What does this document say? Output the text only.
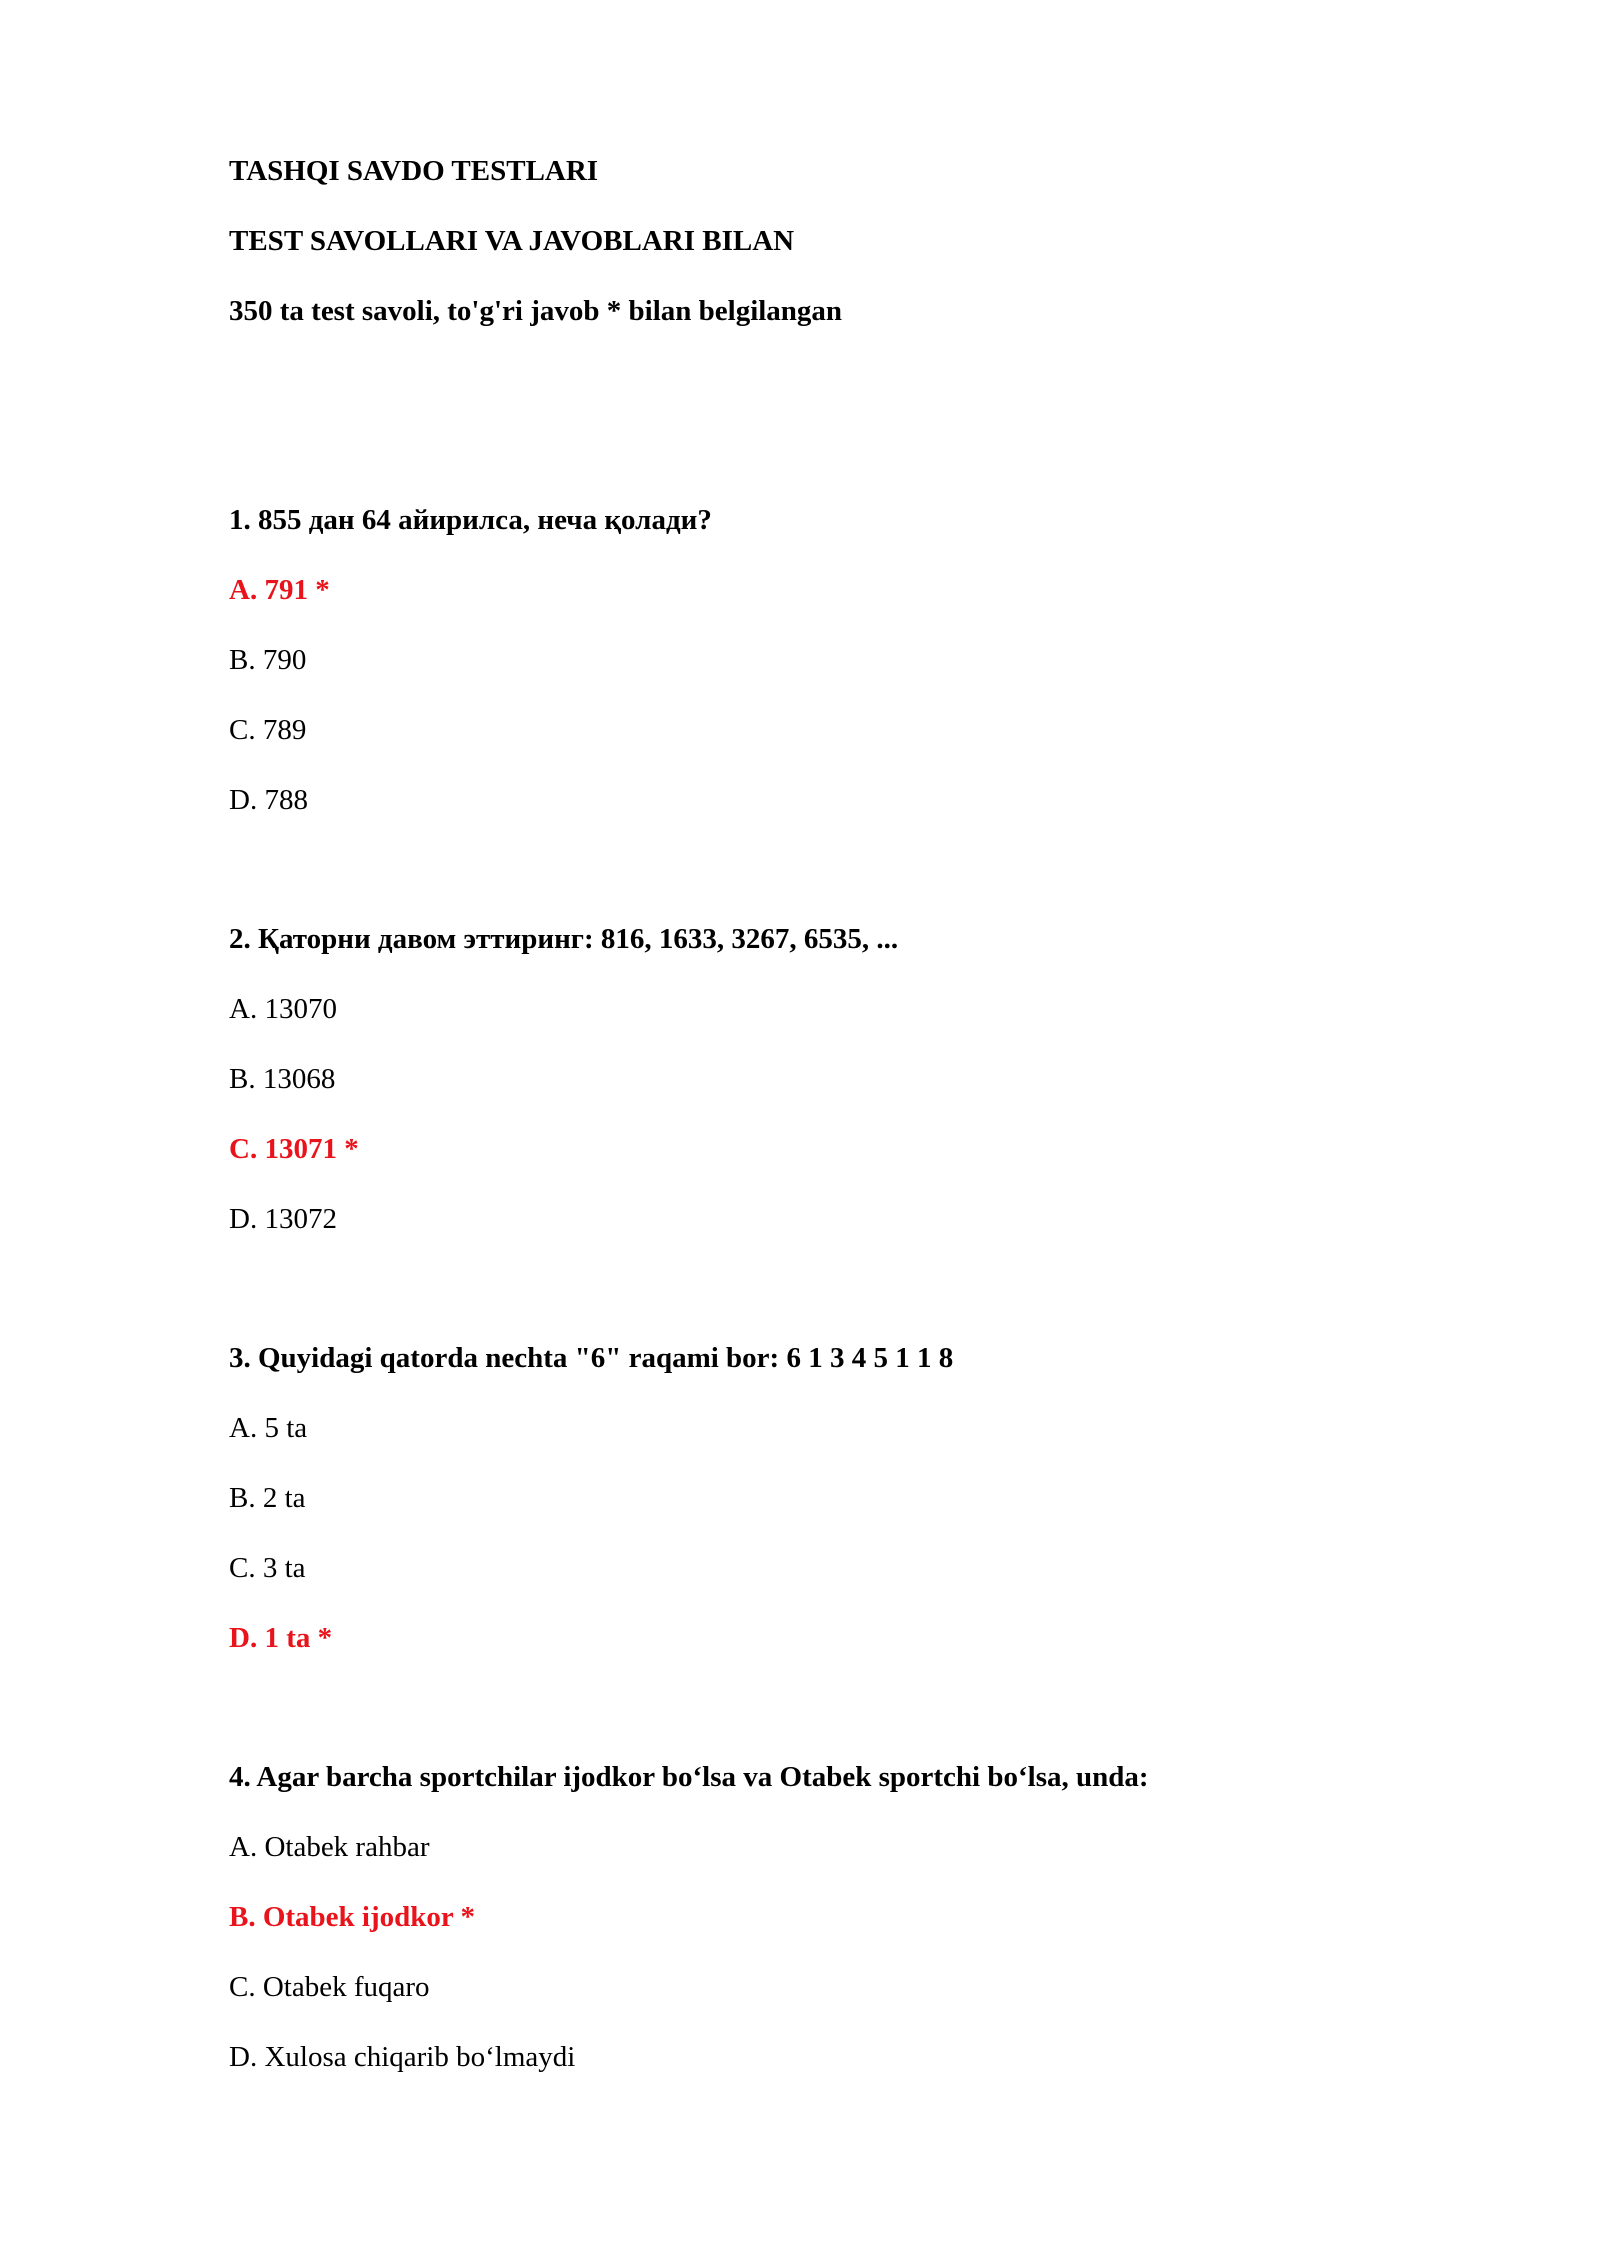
TASHQI SAVDO TESTLARI
TEST SAVOLLARI VA JAVOBLARI BILAN
350 ta test savoli, to'g'ri javob * bilan belgilangan
1. 855 дан 64 айирилса, неча қолади?
A. 791 *
B. 790
C. 789
D. 788
2. Қаторни давом эттиринг: 816, 1633, 3267, 6535, ...
A. 13070
B. 13068
C. 13071 *
D. 13072
3. Quyidagi qatorda nechta "6" raqami bor: 6 1 3 4 5 1 1 8
A. 5 ta
B. 2 ta
C. 3 ta
D. 1 ta *
4. Agar barcha sportchilar ijodkor bo‘lsa va Otabek sportchi bo‘lsa, unda:
A. Otabek rahbar
B. Otabek ijodkor *
C. Otabek fuqaro
D. Xulosa chiqarib bo‘lmaydi
